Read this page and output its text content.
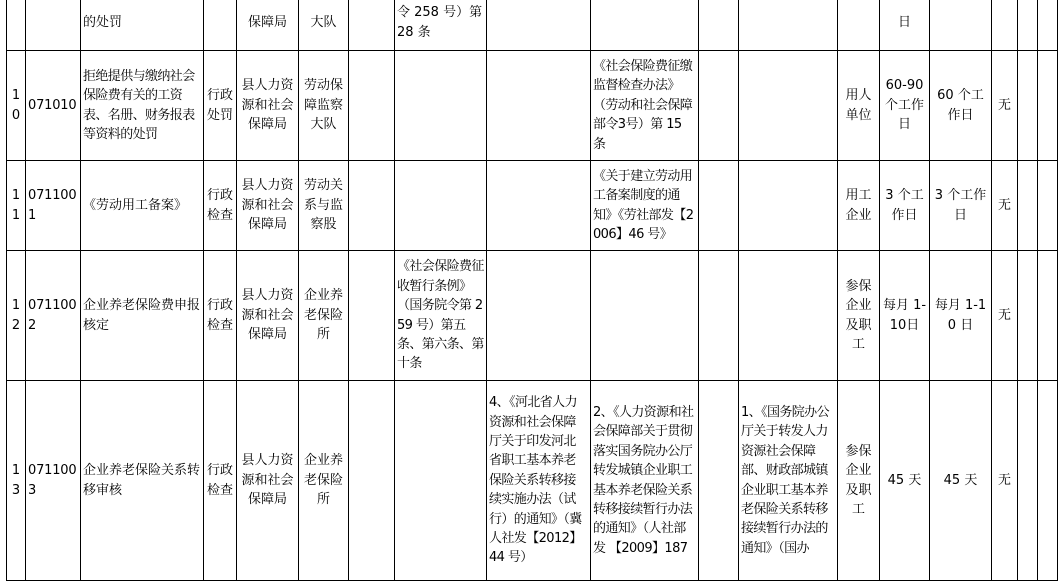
		的处罚		保障局	大队		令 258 号）第 28 条						日				
10	071010	拒绝提供与缴纳社会保险费有关的工资表、名册、财务报表等资料的处罚	行政处罚	县人力资源和社会保障局	劳动保障监察大队				《社会保险费征缴监督检查办法》（劳动和社会保障部令3号）第 15 条			用人单位	60-90 个工作日	60 个工作日	无		
11	0711001	《劳动用工备案》	行政检查	县人力资源和社会保障局	劳动关系与监察股				《关于建立劳动用工备案制度的通知》《劳社部发【2006】46 号》			用工企业	3 个工作日	3 个工作日	无		
12	0711002	企业养老保险费申报核定	行政检查	县人力资源和社会保障局	企业养老保险所		《社会保险费征收暂行条例》（国务院令第 259 号）第五条、第六条、第十条					参保企业及职工	每月 1-10日	每月 1-10 日	无		
13	0711003	企业养老保险关系转移审核	行政检查	县人力资源和社会保障局	企业养老保险所			4、《河北省人力资源和社会保障厅关于印发河北省职工基本养老保险关系转移接续实施办法（试行）的通知》（冀人社发【2012】44 号）	2、《人力资源和社会保障部关于贯彻落实国务院办公厅转发城镇企业职工基本养老保险关系转移接续暂行办法的通知》（人社部发 【2009】187		1、《国务院办公厅关于转发人力资源社会保障部、财政部城镇企业职工基本养老保险关系转移接续暂行办法的通知》（国办	参保企业及职工	45 天	45 天	无		
